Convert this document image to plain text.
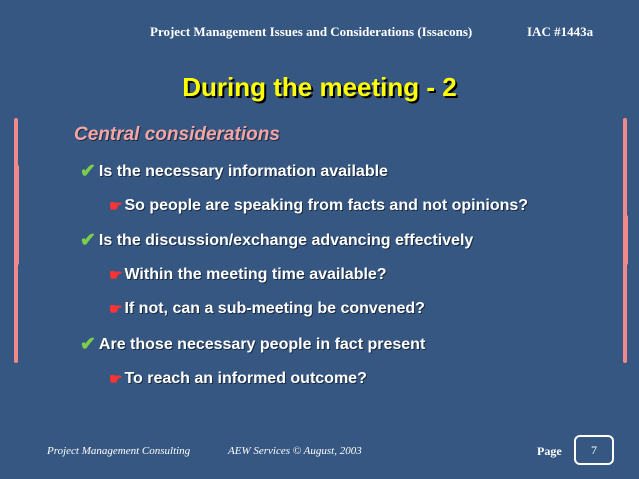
Project Management Issues and Considerations (Issacons)	IAC #1443a
During the meeting - 2
Central considerations
✔ Is the necessary information available
☛ So people are speaking from facts and not opinions?
✔ Is the discussion/exchange advancing effectively
☛ Within the meeting time available?
☛ If not, can a sub-meeting be convened?
✔ Are those necessary people in fact present
☛ To reach an informed outcome?
Project Management Consulting	AEW Services © August, 2003	Page 7
